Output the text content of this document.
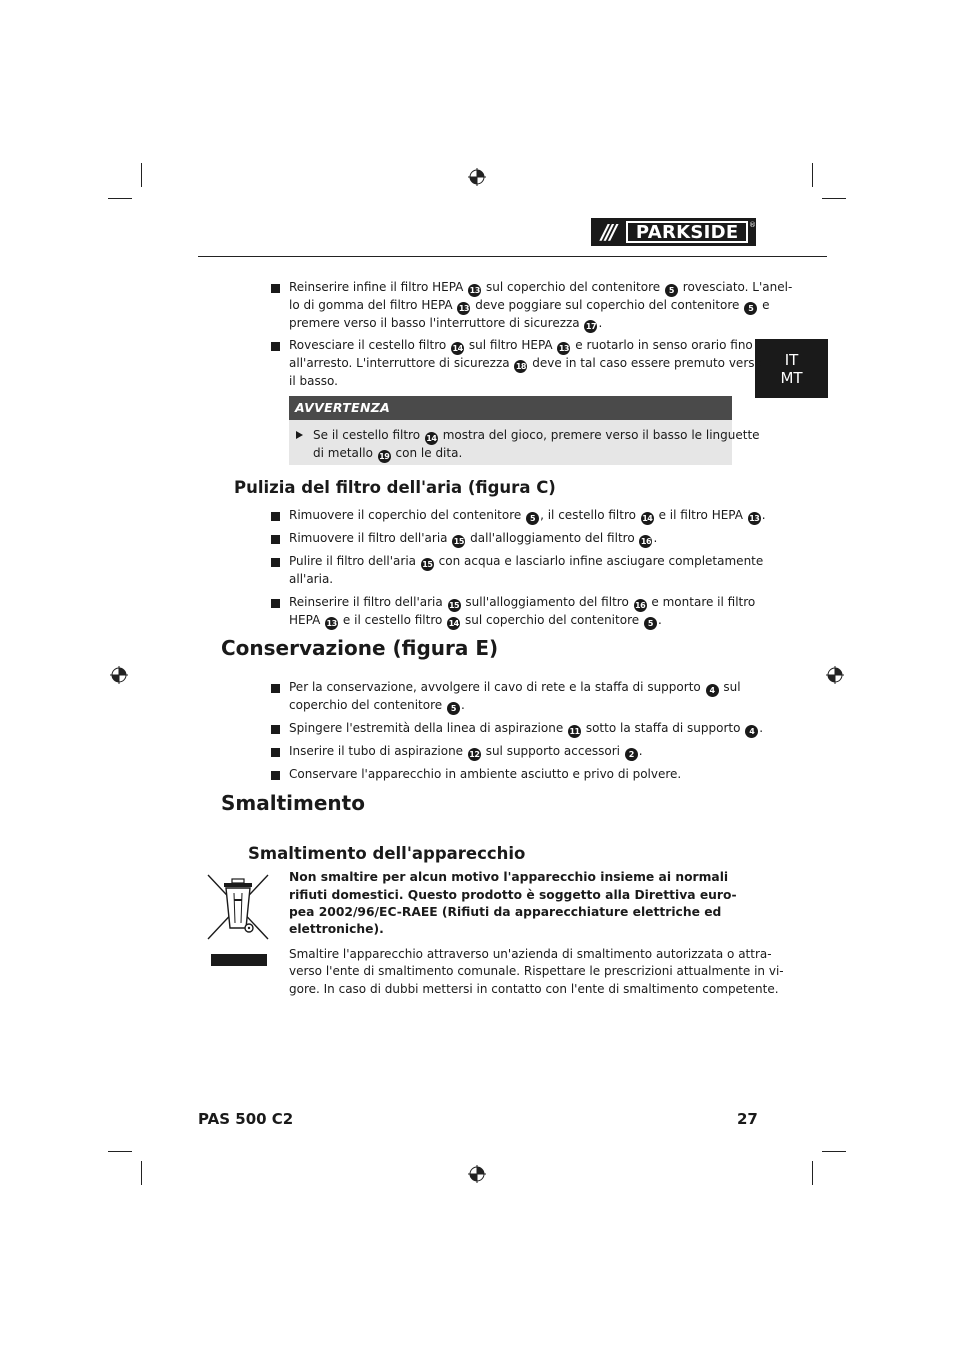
///	PARKSIDE	®
IT
MT
Reinserire infine il filtro HEPA 13 sul coperchio del contenitore 5 rovesciato. L'anel-
lo di gomma del filtro HEPA 13 deve poggiare sul coperchio del contenitore 5 e
premere verso il basso l'interruttore di sicurezza 17 .
Rovesciare il cestello filtro 14 sul filtro HEPA 13 e ruotarlo in senso orario fino
all'arresto. L'interruttore di sicurezza 18 deve in tal caso essere premuto verso
il basso.
AVVERTENZA
Se il cestello filtro 14 mostra del gioco, premere verso il basso le linguette
di metallo 19 con le dita.
Pulizia del filtro dell'aria (figura C)
Rimuovere il coperchio del contenitore 5 , il cestello filtro 14 e il filtro HEPA 13 .
Rimuovere il filtro dell'aria 15 dall'alloggiamento del filtro 16 .
Pulire il filtro dell'aria 15 con acqua e lasciarlo infine asciugare completamente
all'aria.
Reinserire il filtro dell'aria 15 sull'alloggiamento del filtro 16 e montare il filtro
HEPA 13 e il cestello filtro 14 sul coperchio del contenitore 5 .
Conservazione (figura E)
Per la conservazione, avvolgere il cavo di rete e la staffa di supporto 4 sul
coperchio del contenitore 5 .
Spingere l'estremità della linea di aspirazione 11 sotto la staffa di supporto 4 .
Inserire il tubo di aspirazione 12 sul supporto accessori 2 .
Conservare l'apparecchio in ambiente asciutto e privo di polvere.
Smaltimento
Smaltimento dell'apparecchio
Non smaltire per alcun motivo l'apparecchio insieme ai normali
rifiuti domestici. Questo prodotto è soggetto alla Direttiva euro-
pea 2002/96/EC-RAEE (Rifiuti da apparecchiature elettriche ed
elettroniche).
Smaltire l'apparecchio attraverso un'azienda di smaltimento autorizzata o attra-
verso l'ente di smaltimento comunale. Rispettare le prescrizioni attualmente in vi-
gore. In caso di dubbi mettersi in contatto con l'ente di smaltimento competente.
PAS 500 C2	27
